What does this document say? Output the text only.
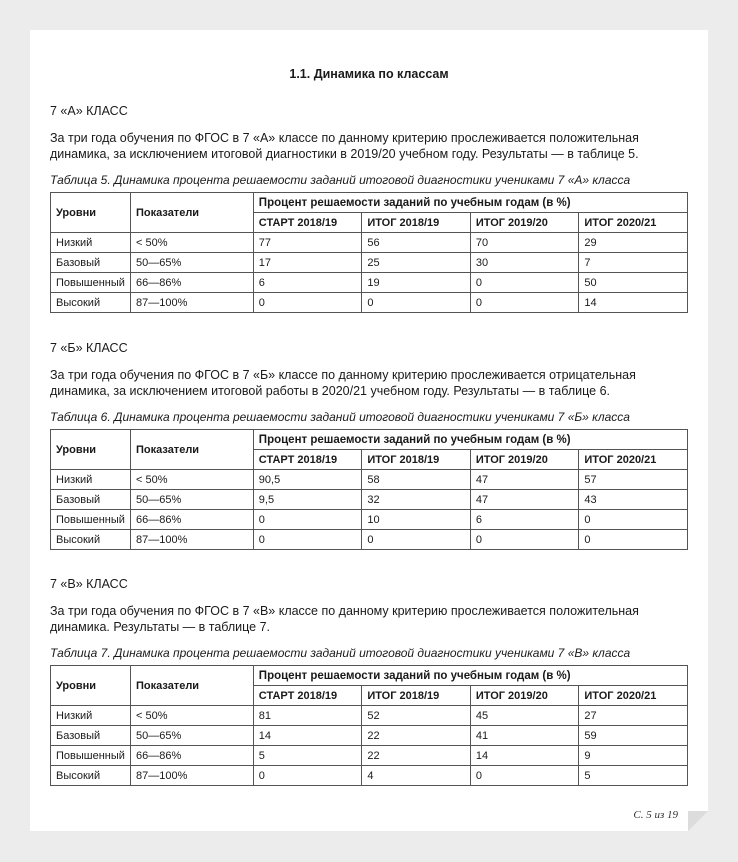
1.1. Динамика по классам

7 «А» КЛАСС

За три года обучения по ФГОС в 7 «А» классе по данному критерию прослеживается положительная динамика, за исключением итоговой диагностики в 2019/20 учебном году. Результаты — в таблице 5.

Таблица 5. Динамика процента решаемости заданий итоговой диагностики учениками 7 «А» класса

Уровни	Показатели	Процент решаемости заданий по учебным годам (в %)			
		СТАРТ 2018/19	ИТОГ 2018/19	ИТОГ 2019/20	ИТОГ 2020/21
Низкий	< 50%	77	56	70	29
Базовый	50—65%	17	25	30	7
Повышенный	66—86%	6	19	0	50
Высокий	87—100%	0	0	0	14

7 «Б» КЛАСС

За три года обучения по ФГОС в 7 «Б» классе по данному критерию прослеживается отрицательная динамика, за исключением итоговой работы в 2020/21 учебном году. Результаты — в таблице 6.

Таблица 6. Динамика процента решаемости заданий итоговой диагностики учениками 7 «Б» класса

Уровни	Показатели	Процент решаемости заданий по учебным годам (в %)			
		СТАРТ 2018/19	ИТОГ 2018/19	ИТОГ 2019/20	ИТОГ 2020/21
Низкий	< 50%	90,5	58	47	57
Базовый	50—65%	9,5	32	47	43
Повышенный	66—86%	0	10	6	0
Высокий	87—100%	0	0	0	0

7 «В» КЛАСС

За три года обучения по ФГОС в 7 «В» классе по данному критерию прослеживается положительная динамика. Результаты — в таблице 7.

Таблица 7. Динамика процента решаемости заданий итоговой диагностики учениками 7 «В» класса

Уровни	Показатели	Процент решаемости заданий по учебным годам (в %)			
		СТАРТ 2018/19	ИТОГ 2018/19	ИТОГ 2019/20	ИТОГ 2020/21
Низкий	< 50%	81	52	45	27
Базовый	50—65%	14	22	41	59
Повышенный	66—86%	5	22	14	9
Высокий	87—100%	0	4	0	5
С. 5 из 19
